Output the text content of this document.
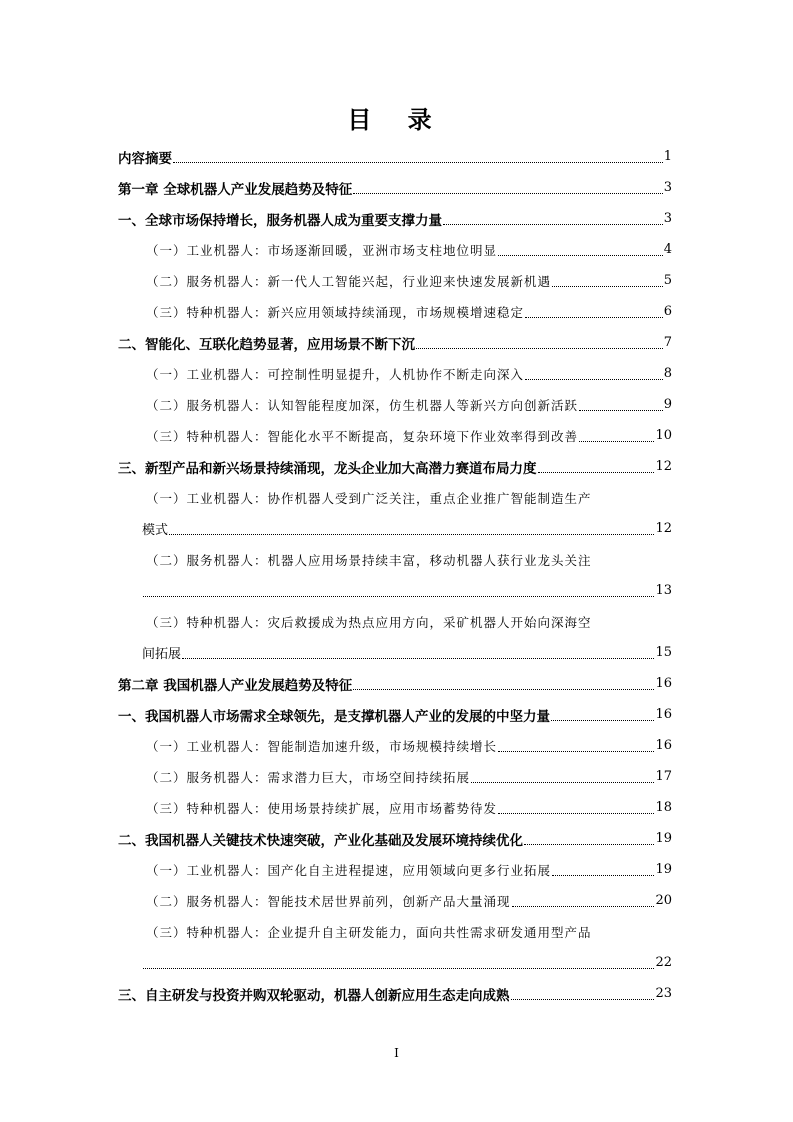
目 录
内容摘要	1
第一章 全球机器人产业发展趋势及特征	3
一、全球市场保持增长，服务机器人成为重要支撑力量	3
（一）工业机器人：市场逐渐回暖，亚洲市场支柱地位明显	4
（二）服务机器人：新一代人工智能兴起，行业迎来快速发展新机遇	5
（三）特种机器人：新兴应用领域持续涌现，市场规模增速稳定	6
二、智能化、互联化趋势显著，应用场景不断下沉	7
（一）工业机器人：可控制性明显提升，人机协作不断走向深入	8
（二）服务机器人：认知智能程度加深，仿生机器人等新兴方向创新活跃	9
（三）特种机器人：智能化水平不断提高，复杂环境下作业效率得到改善	10
三、新型产品和新兴场景持续涌现，龙头企业加大高潜力赛道布局力度	12
（一）工业机器人：协作机器人受到广泛关注，重点企业推广智能制造生产
模式	12
（二）服务机器人：机器人应用场景持续丰富，移动机器人获行业龙头关注
13
（三）特种机器人：灾后救援成为热点应用方向，采矿机器人开始向深海空
间拓展	15
第二章 我国机器人产业发展趋势及特征	16
一、我国机器人市场需求全球领先，是支撑机器人产业的发展的中坚力量	16
（一）工业机器人：智能制造加速升级，市场规模持续增长	16
（二）服务机器人：需求潜力巨大，市场空间持续拓展	17
（三）特种机器人：使用场景持续扩展，应用市场蓄势待发	18
二、我国机器人关键技术快速突破，产业化基础及发展环境持续优化	19
（一）工业机器人：国产化自主进程提速，应用领域向更多行业拓展	19
（二）服务机器人：智能技术居世界前列，创新产品大量涌现	20
（三）特种机器人：企业提升自主研发能力，面向共性需求研发通用型产品
22
三、自主研发与投资并购双轮驱动，机器人创新应用生态走向成熟	23
I
